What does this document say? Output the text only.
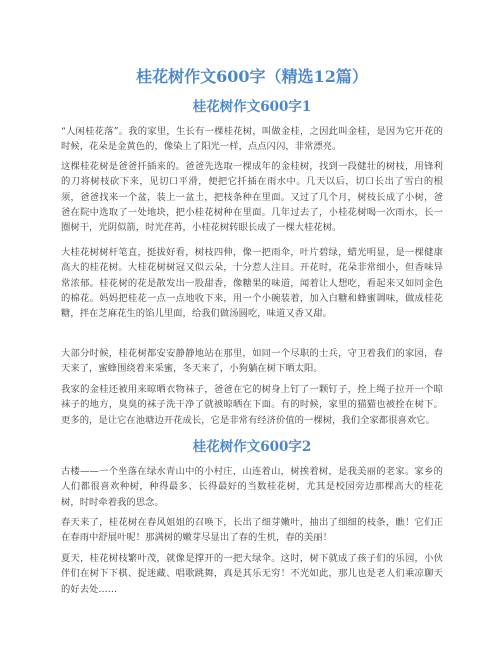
桂花树作文600字（精选12篇）
桂花树作文600字1

“人闲桂花落”。我的家里，生长有一棵桂花树，叫做金桂，之因此叫金桂，是因为它开花的时候，花朵是金黄色的，像染上了阳光一样，点点闪闪，非常漂亮。

这棵桂花树是爸爸扦插来的。爸爸先选取一棵成年的金桂树，找到一段健壮的树枝，用锋利的刀将树枝砍下来，见切口平滑，便把它扦插在雨水中。几天以后，切口长出了雪白的根须，爸爸找来一个盆，装上一盆土，把枝条种在里面。又过了几个月，树枝长成了小树，爸爸在院中选取了一处地块，把小桂花树种在里面。几年过去了，小桂花树喝一次雨水，长一圈树干，光阴似箭，时光荏苒，小桂花树转眼长成了一棵大桂花树。

大桂花树树杆笔直，挺拔好看，树枝四伸，像一把雨伞，叶片碧绿，蜡光明显，是一棵健康高大的桂花树。大桂花树树冠又似云朵，十分惹人注目。开花时，花朵非常细小，但香味异常浓郁。桂花树的花是散发出一股甜香，像糖果的味道，闻着让人想吃，看起来又如同金色的棉花。妈妈把桂花一点一点地收下来，用一个小碗装着，加入白糖和蜂蜜调味，做成桂花糖，拌在芝麻花生的馅儿里面，给我们做汤圆吃，味道又香又甜。

大部分时候，桂花树都安安静静地站在那里，如同一个尽职的士兵，守卫着我们的家园，春天来了，蜜蜂围绕着来采蜜，冬天来了，小狗躺在树下晒太阳。

我家的金桂还被用来晾晒衣物袜子，爸爸在它的树身上钉了一颗钉子，拴上绳子拉开一个晾袜子的地方，臭臭的袜子洗干净了就被晾晒在下面。有的时候，家里的猫猫也被拴在树下。更多的，是让它在池塘边开花成长，它是非常有经济价值的一棵树，我们全家都很喜欢它。

桂花树作文600字2

古楼——一个坐落在绿水青山中的小村庄，山连着山，树挨着树，是我美丽的老家。家乡的人们都很喜欢种树，种得最多、长得最好的当数桂花树，尤其是校园旁边那棵高大的桂花树，时时牵着我的思念。

春天来了，桂花树在春风姐姐的召唤下，长出了细芽嫩叶，抽出了细细的枝条，瞧！它们正在春雨中舒展叶呢！那满树的嫩芽尽显出了春的生机，春的美丽！

夏天，桂花树枝繁叶茂，就像是撑开的一把大绿伞。这时，树下就成了孩子们的乐园，小伙伴们在树下下棋、捉迷藏、唱歌跳舞，真是其乐无穷！不光如此，那儿也是老人们乘凉聊天的好去处……
